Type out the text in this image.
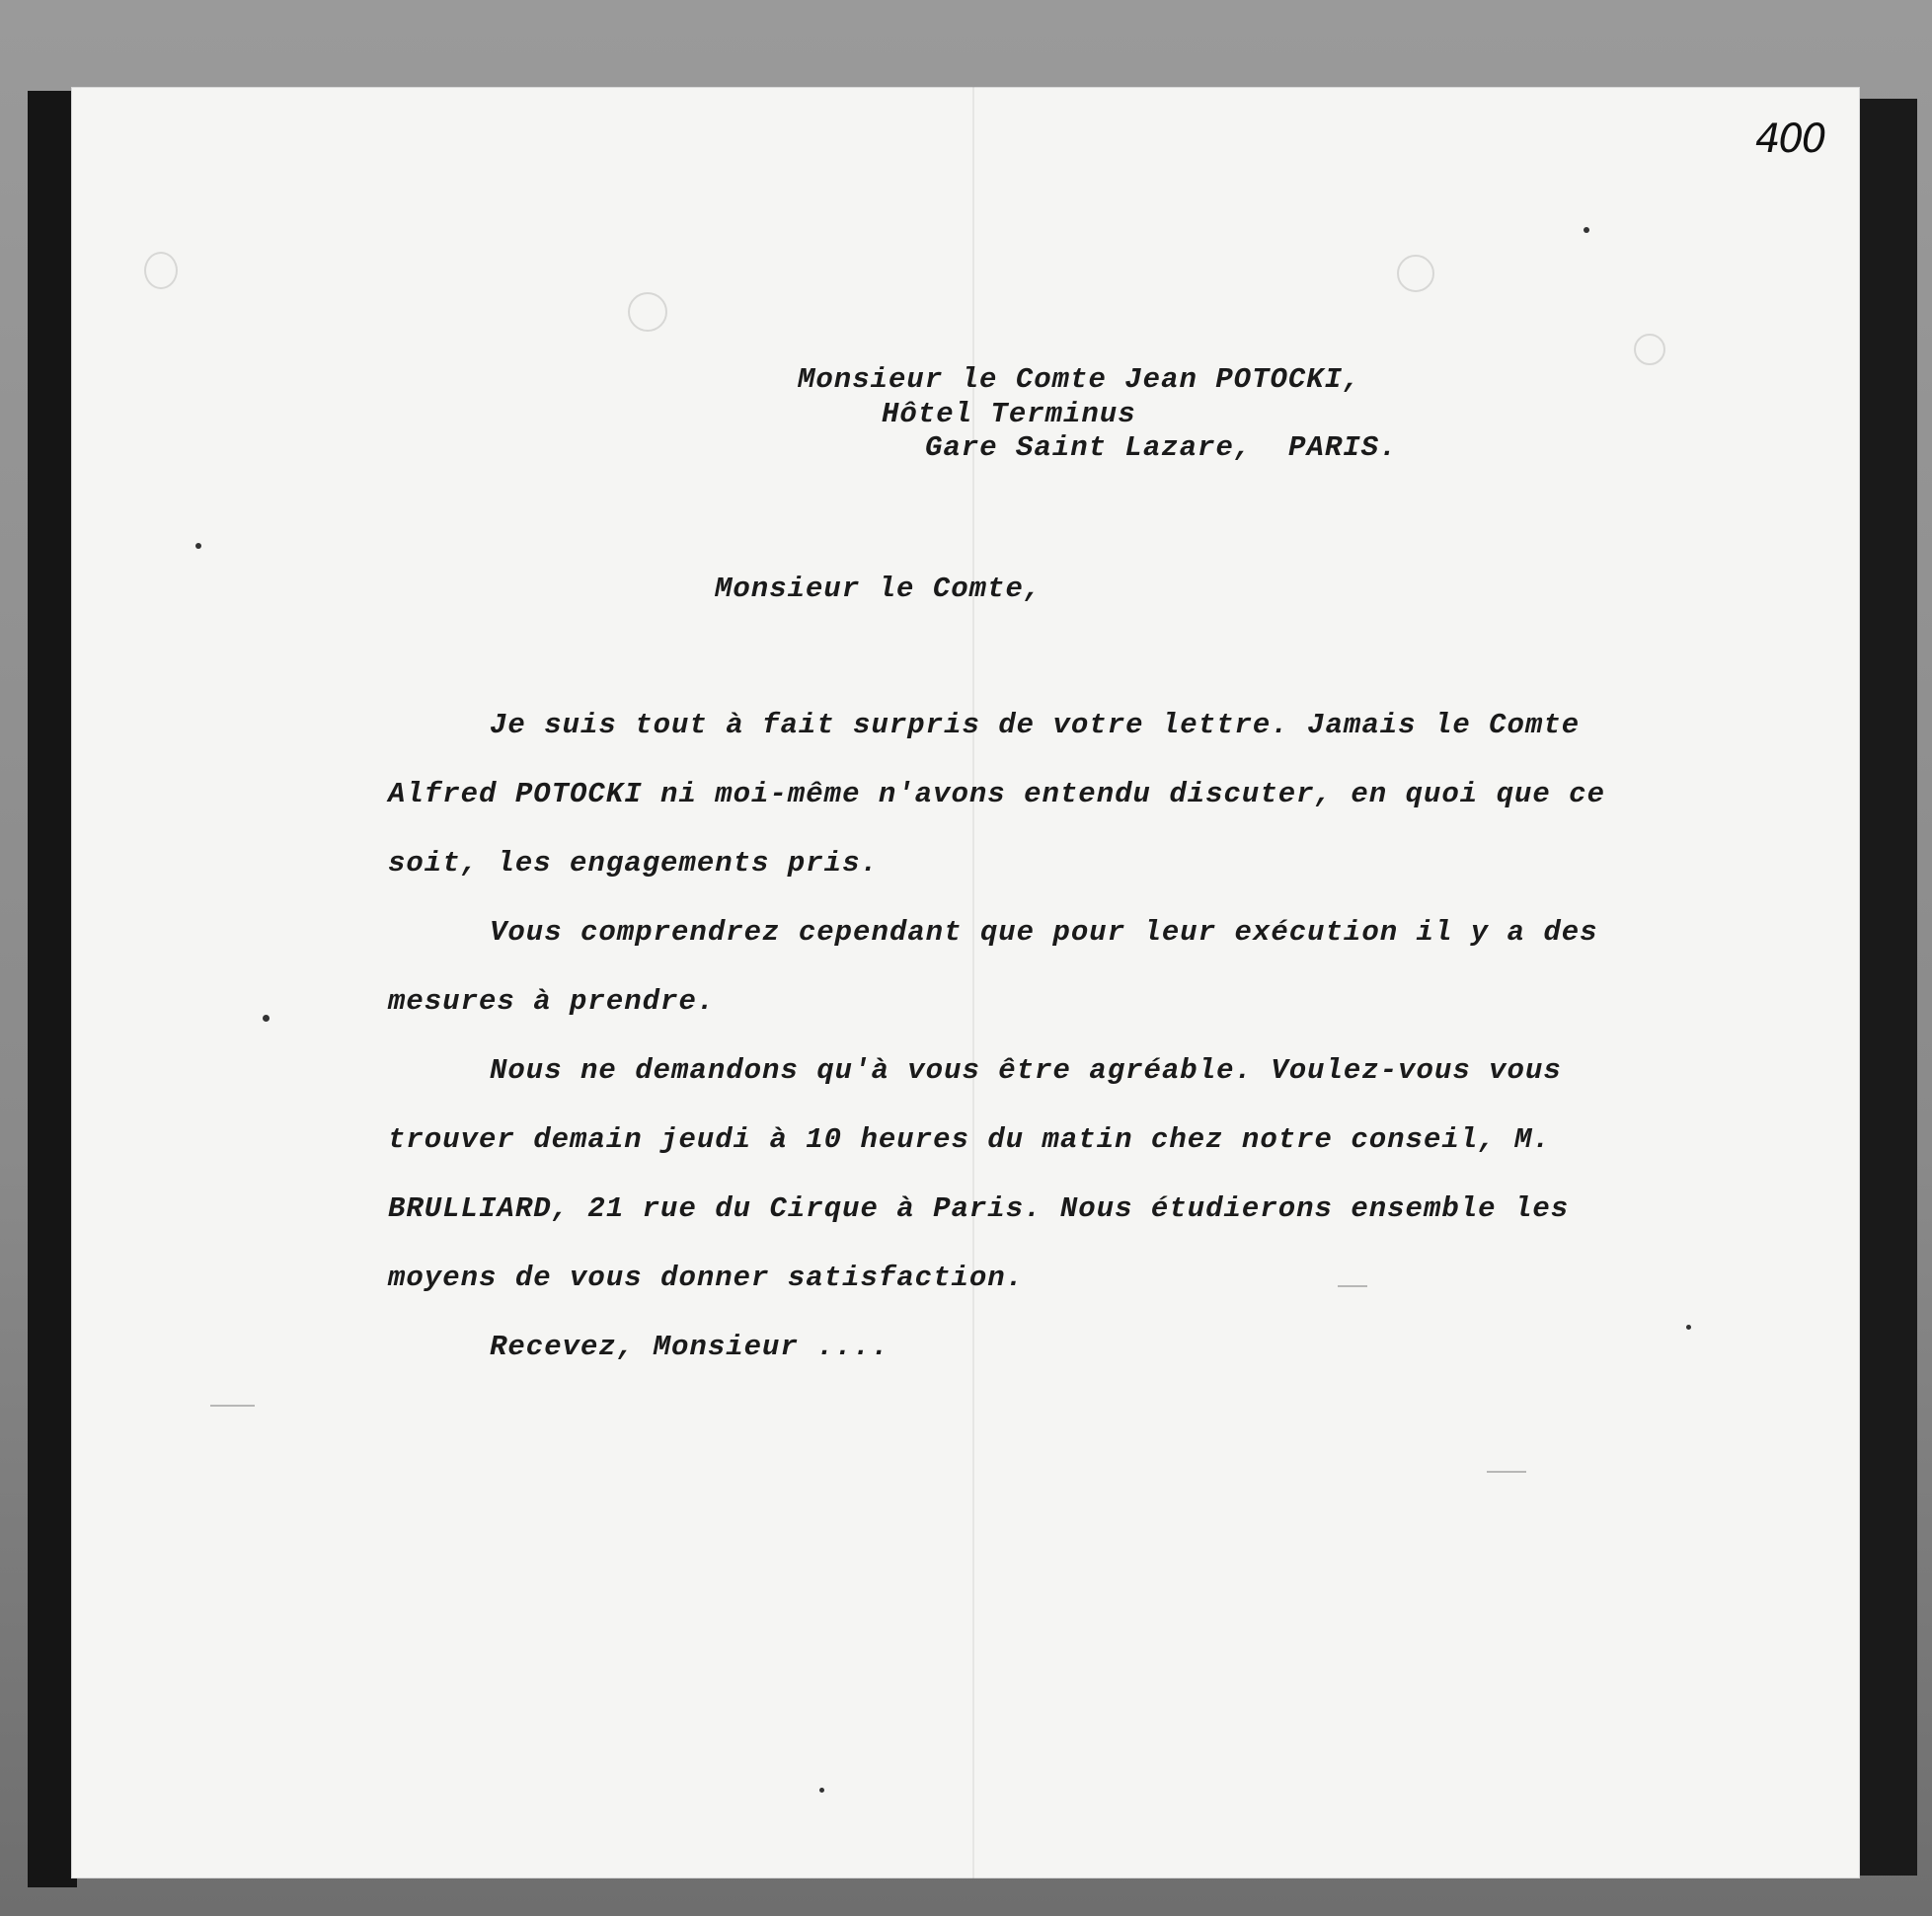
400
Monsieur le Comte Jean POTOCKI,
Hôtel Terminus
Gare Saint Lazare,  PARIS.
Monsieur le Comte,
Je suis tout à fait surpris de votre lettre. Jamais le Comte
Alfred POTOCKI ni moi-même n'avons entendu discuter, en quoi que ce
soit, les engagements pris.
Vous comprendrez cependant que pour leur exécution il y a des
mesures à prendre.
Nous ne demandons qu'à vous être agréable. Voulez-vous vous
trouver demain jeudi à 10 heures du matin chez notre conseil, M.
BRULLIARD, 21 rue du Cirque à Paris. Nous étudierons ensemble les
moyens de vous donner satisfaction.
Recevez, Monsieur ....
